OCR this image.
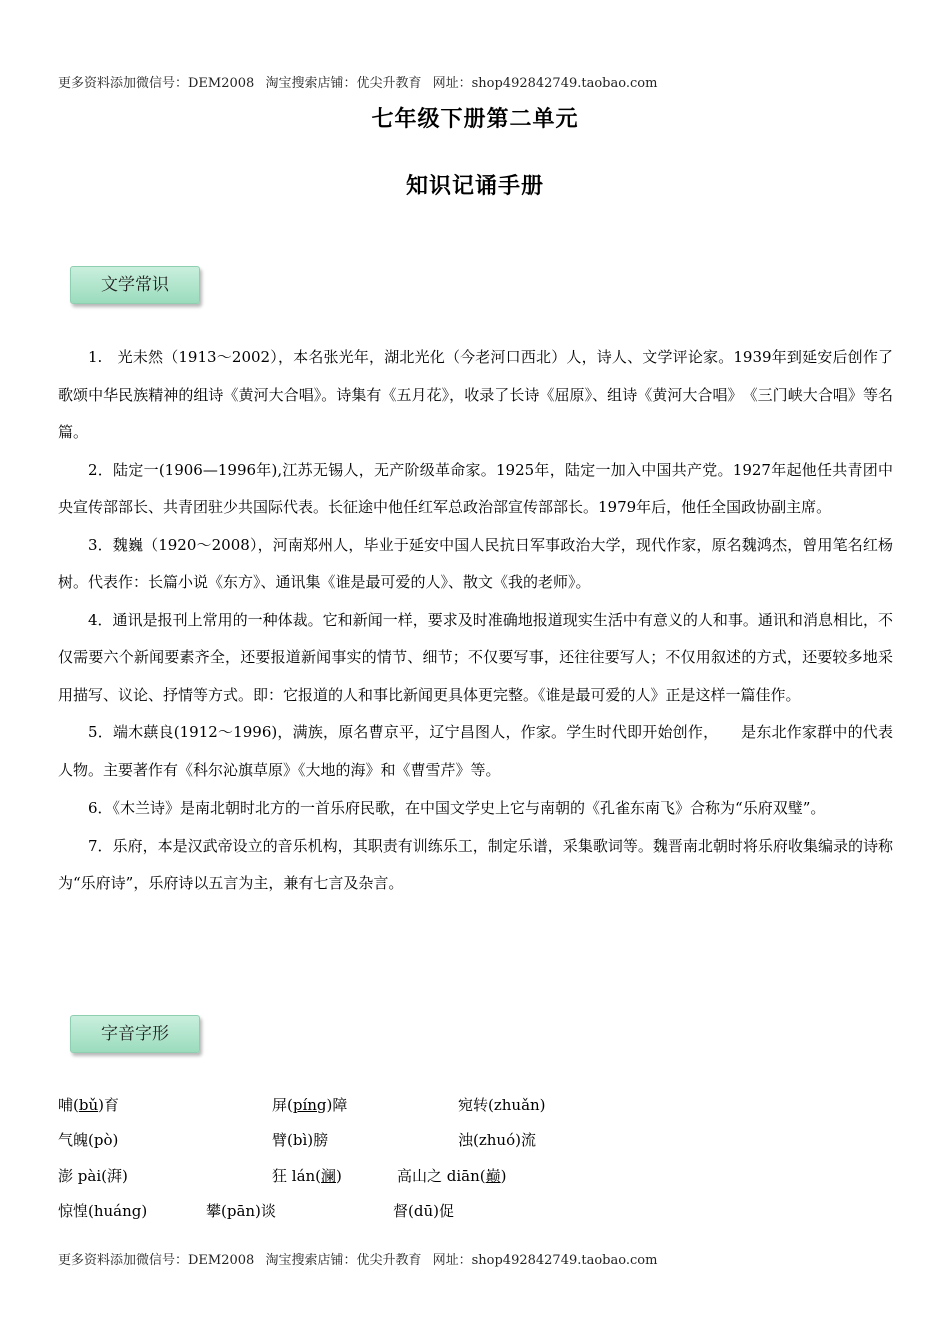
更多资料添加微信号：DEM2008 淘宝搜索店铺：优尖升教育 网址：shop492842749.taobao.com
七年级下册第二单元
知识记诵手册
文学常识

1.　光未然（1913～2002），本名张光年，湖北光化（今老河口西北）人，诗人、文学评论家。1939年到延安后创作了歌颂中华民族精神的组诗《黄河大合唱》。诗集有《五月花》，收录了长诗《屈原》、组诗《黄河大合唱》　《三门峡大合唱》等名篇。

2．陆定一(1906—1996年),江苏无锡人，无产阶级革命家。1925年，陆定一加入中国共产党。1927年起他任共青团中央宣传部部长、共青团驻少共国际代表。长征途中他任红军总政治部宣传部部长。1979年后，他任全国政协副主席。

3．魏巍（1920～2008），河南郑州人，毕业于延安中国人民抗日军事政治大学，现代作家，原名魏鸿杰，曾用笔名红杨树。代表作：长篇小说《东方》、通讯集《谁是最可爱的人》、散文《我的老师》。

4．通讯是报刊上常用的一种体裁。它和新闻一样，要求及时准确地报道现实生活中有意义的人和事。通讯和消息相比，不仅需要六个新闻要素齐全，还要报道新闻事实的情节、细节；不仅要写事，还往往要写人；不仅用叙述的方式，还要较多地采用描写、议论、抒情等方式。即：它报道的人和事比新闻更具体更完整。《谁是最可爱的人》正是这样一篇佳作。

5．端木蕻良(1912～1996)，满族，原名曹京平，辽宁昌图人，作家。学生时代即开始创作，　　是东北作家群中的代表人物。主要著作有《科尔沁旗草原》《大地的海》和《曹雪芹》等。

6．《木兰诗》是南北朝时北方的一首乐府民歌，在中国文学史上它与南朝的《孔雀东南飞》合称为“乐府双璧”。

7．乐府，本是汉武帝设立的音乐机构，其职责有训练乐工，制定乐谱，采集歌词等。魏晋南北朝时将乐府收集编录的诗称为“乐府诗”，乐府诗以五言为主，兼有七言及杂言。

字音字形
哺(bǔ)育	屏(píng)障	宛转(zhuǎn)
气魄(pò)	臂(bì)膀	浊(zhuó)流
澎 pài(湃)	狂 lán(澜)	高山之 diān(巅)
惊惶(huáng)	攀(pān)谈	督(dū)促
更多资料添加微信号：DEM2008 淘宝搜索店铺：优尖升教育 网址：shop492842749.taobao.com
